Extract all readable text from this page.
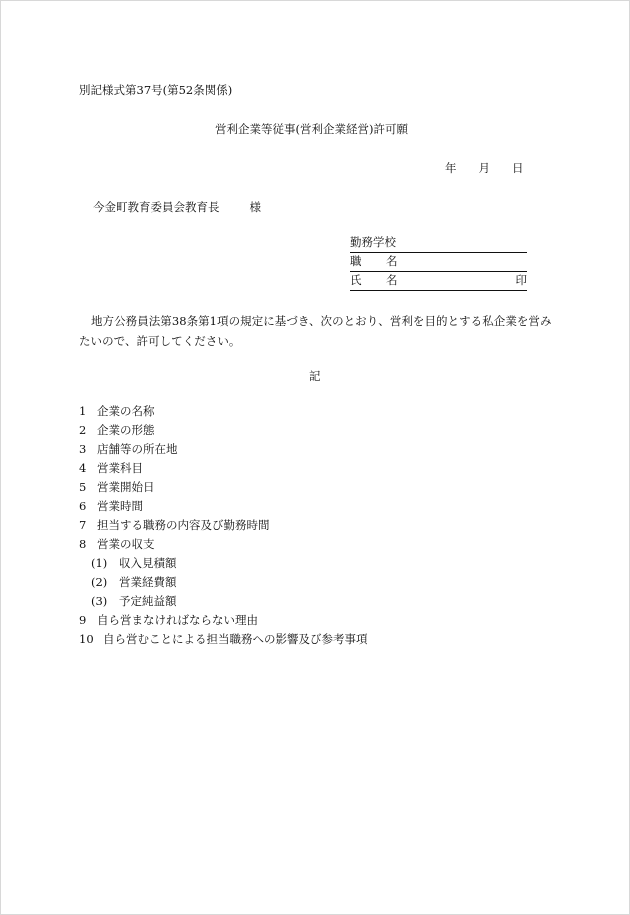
別記様式第37号(第52条関係)
営利企業等従事(営利企業経営)許可願
年 月 日
今金町教育委員会教育長	様
勤務学校
職 名
氏 名	印
地方公務員法第38条第1項の規定に基づき、次のとおり、営利を目的とする私企業を営みたいので、許可してください。
記
1 企業の名称
2 企業の形態
3 店舗等の所在地
4 営業科目
5 営業開始日
6 営業時間
7 担当する職務の内容及び勤務時間
8 営業の収支
(1) 収入見積額
(2) 営業経費額
(3) 予定純益額
9 自ら営まなければならない理由
10 自ら営むことによる担当職務への影響及び参考事項
